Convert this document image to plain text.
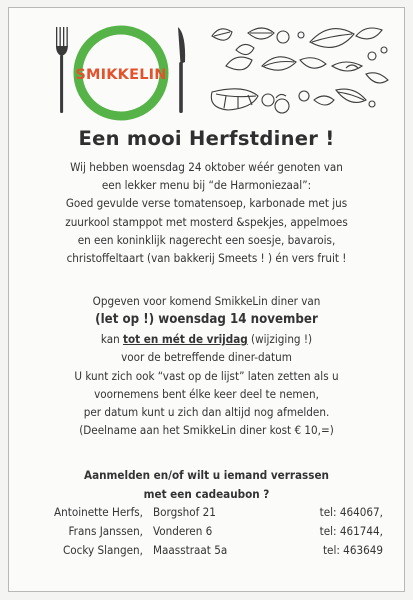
SMIKKELIN
Een mooi Herfstdiner !
Wij hebben woensdag 24 oktober wéér genoten van
een lekker menu bij “de Harmoniezaal”:
Goed gevulde verse tomatensoep, karbonade met jus
zuurkool stamppot met mosterd &spekjes, appelmoes
en een koninklijk nagerecht een soesje, bavarois,
christoffeltaart (van bakkerij Smeets ! ) én vers fruit !
Opgeven voor komend SmikkeLin diner van
(let op !) woensdag 14 november
kan tot en mét de vrijdag (wijziging !)
voor de betreffende diner-datum
U kunt zich ook “vast op de lijst” laten zetten als u
voornemens bent élke keer deel te nemen,
per datum kunt u zich dan altijd nog afmelden.
(Deelname aan het SmikkeLin diner kost € 10,=)
Aanmelden en/of wilt u iemand verrassen
met een cadeaubon ?
Antoinette Herfs, Borgshof 21	tel: 464067,
Frans Janssen, Vonderen 6	tel: 461744,
Cocky Slangen, Maasstraat 5a	tel: 463649
